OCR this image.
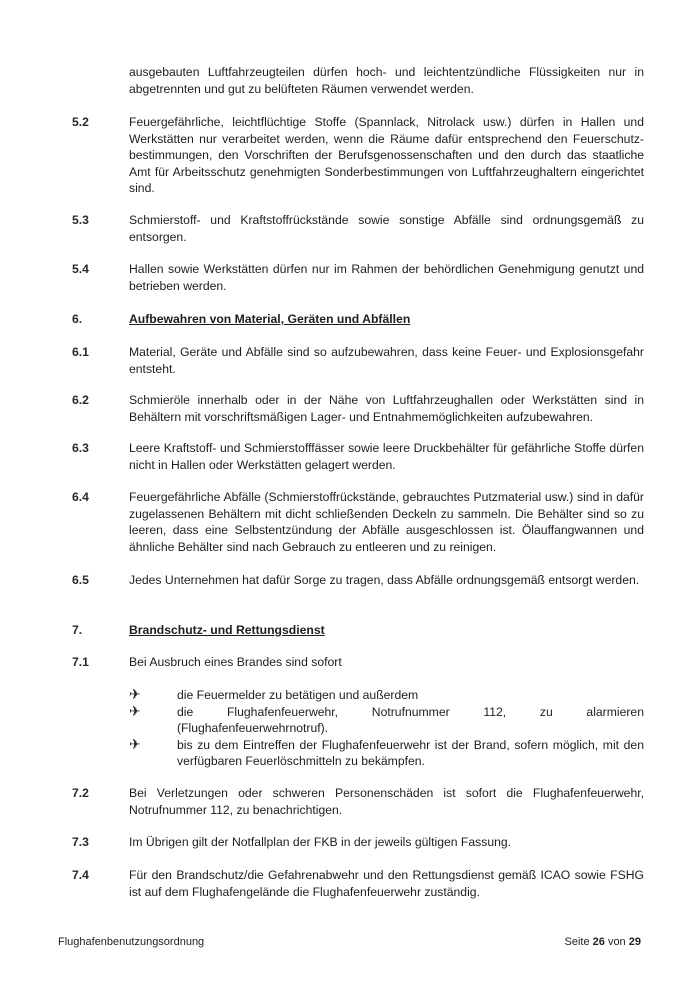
ausgebauten Luftfahrzeugteilen dürfen hoch- und leichtentzündliche Flüssigkeiten nur in abgetrennten und gut zu belüfteten Räumen verwendet werden.
5.2	Feuergefährliche, leichtflüchtige Stoffe (Spannlack, Nitrolack usw.) dürfen in Hallen und Werkstätten nur verarbeitet werden, wenn die Räume dafür entsprechend den Feuerschutz-bestimmungen, den Vorschriften der Berufsgenossenschaften und den durch das staatliche Amt für Arbeitsschutz genehmigten Sonderbestimmungen von Luftfahrzeughaltern eingerichtet sind.
5.3	Schmierstoff- und Kraftstoffrückstände sowie sonstige Abfälle sind ordnungsgemäß zu entsorgen.
5.4	Hallen sowie Werkstätten dürfen nur im Rahmen der behördlichen Genehmigung genutzt und betrieben werden.
6.	Aufbewahren von Material, Geräten und Abfällen
6.1	Material, Geräte und Abfälle sind so aufzubewahren, dass keine Feuer- und Explosionsgefahr entsteht.
6.2	Schmieröle innerhalb oder in der Nähe von Luftfahrzeughallen oder Werkstätten sind in Behältern mit vorschriftsmäßigen Lager- und Entnahmemöglichkeiten aufzubewahren.
6.3	Leere Kraftstoff- und Schmierstofffässer sowie leere Druckbehälter für gefährliche Stoffe dürfen nicht in Hallen oder Werkstätten gelagert werden.
6.4	Feuergefährliche Abfälle (Schmierstoffrückstände, gebrauchtes Putzmaterial usw.) sind in dafür zugelassenen Behältern mit dicht schließenden Deckeln zu sammeln. Die Behälter sind so zu leeren, dass eine Selbstentzündung der Abfälle ausgeschlossen ist. Ölauffangwannen und ähnliche Behälter sind nach Gebrauch zu entleeren und zu reinigen.
6.5	Jedes Unternehmen hat dafür Sorge zu tragen, dass Abfälle ordnungsgemäß entsorgt werden.
7.	Brandschutz- und Rettungsdienst
7.1	Bei Ausbruch eines Brandes sind sofort
✈	die Feuermelder zu betätigen und außerdem
✈	die Flughafenfeuerwehr, Notrufnummer 112, zu alarmieren (Flughafenfeuerwehrnotruf).
✈	bis zu dem Eintreffen der Flughafenfeuerwehr ist der Brand, sofern möglich, mit den verfügbaren Feuerlöschmitteln zu bekämpfen.
7.2	Bei Verletzungen oder schweren Personenschäden ist sofort die Flughafenfeuerwehr, Notrufnummer 112, zu benachrichtigen.
7.3	Im Übrigen gilt der Notfallplan der FKB in der jeweils gültigen Fassung.
7.4	Für den Brandschutz/die Gefahrenabwehr und den Rettungsdienst gemäß ICAO sowie FSHG ist auf dem Flughafengelände die Flughafenfeuerwehr zuständig.
Flughafenbenutzungsordnung	Seite 26 von 29
